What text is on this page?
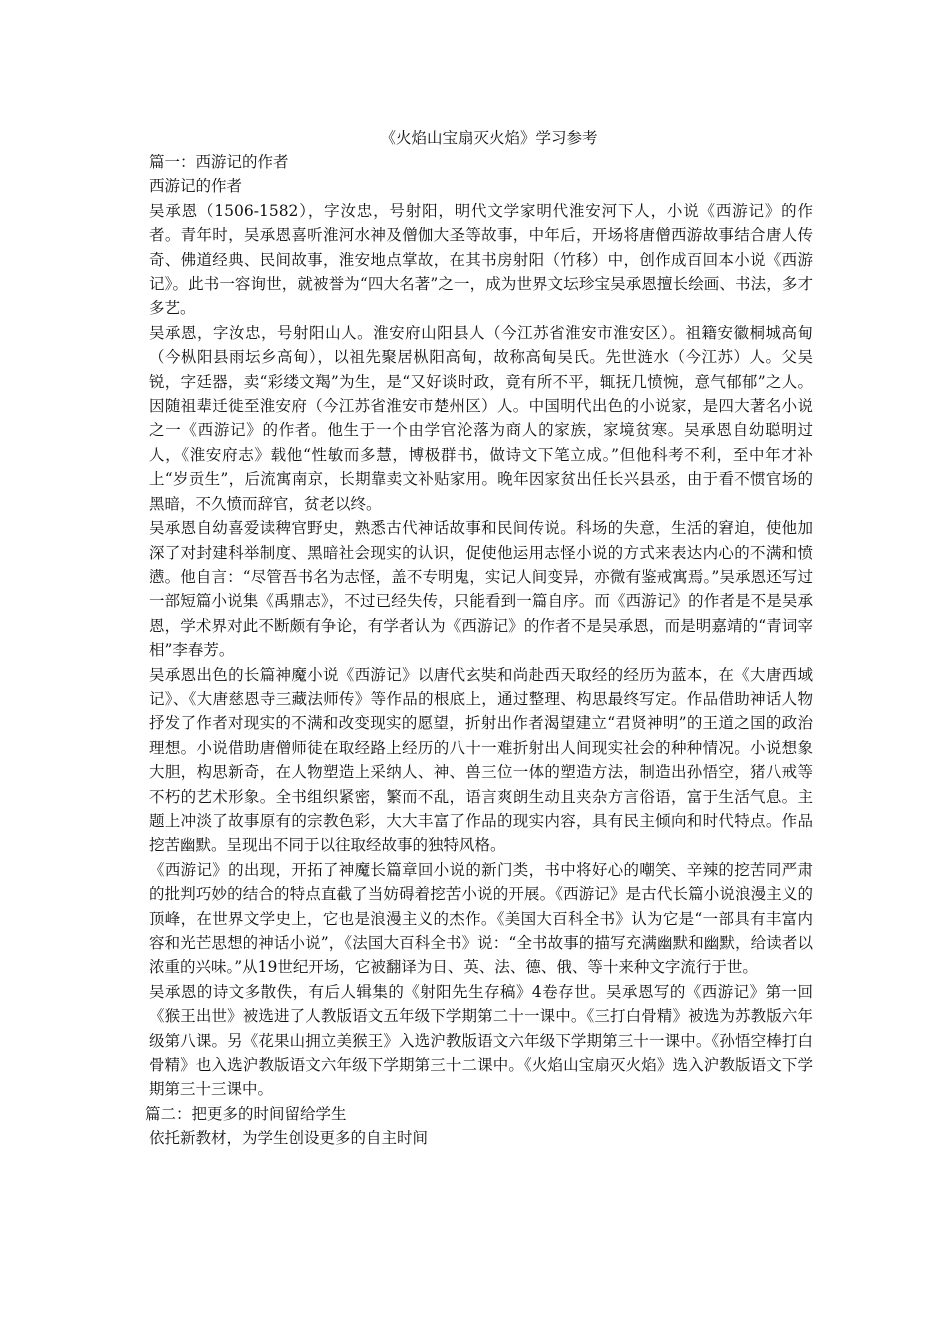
《火焰山宝扇灭火焰》学习参考
篇一：西游记的作者
西游记的作者
吴承恩（1506-1582），字汝忠，号射阳，明代文学家明代淮安河下人，小说《西游记》的作者。青年时，吴承恩喜听淮河水神及僧伽大圣等故事，中年后，开场将唐僧西游故事结合唐人传奇、佛道经典、民间故事，淮安地点掌故，在其书房射阳（竹移）中，创作成百回本小说《西游记》。此书一容询世，就被誉为“四大名著”之一，成为世界文坛珍宝吴承恩擅长绘画、书法，多才多艺。
吴承恩，字汝忠，号射阳山人。淮安府山阳县人（今江苏省淮安市淮安区）。祖籍安徽桐城高甸（今枞阳县雨坛乡高甸），以祖先聚居枞阳高甸，故称高甸吴氏。先世涟水（今江苏）人。父吴锐，字廷器，卖“彩缕文羯”为生，是“又好谈时政，竟有所不平，辄抚几愤惋，意气郁郁”之人。因随祖辈迁徙至淮安府（今江苏省淮安市楚州区）人。中国明代出色的小说家，是四大著名小说之一《西游记》的作者。他生于一个由学官沦落为商人的家族，家境贫寒。吴承恩自幼聪明过人，《淮安府志》载他“性敏而多慧，博极群书，做诗文下笔立成。”但他科考不利，至中年才补上“岁贡生”，后流寓南京，长期靠卖文补贴家用。晚年因家贫出任长兴县丞，由于看不惯官场的黑暗，不久愤而辞官，贫老以终。
吴承恩自幼喜爱读稗官野史，熟悉古代神话故事和民间传说。科场的失意，生活的窘迫，使他加深了对封建科举制度、黑暗社会现实的认识，促使他运用志怪小说的方式来表达内心的不满和愤懑。他自言：“尽管吾书名为志怪，盖不专明鬼，实记人间变异，亦微有鉴戒寓焉。”吴承恩还写过一部短篇小说集《禹鼎志》，不过已经失传，只能看到一篇自序。而《西游记》的作者是不是吴承恩，学术界对此不断颇有争论，有学者认为《西游记》的作者不是吴承恩，而是明嘉靖的“青词宰相”李春芳。
吴承恩出色的长篇神魔小说《西游记》以唐代玄奘和尚赴西天取经的经历为蓝本，在《大唐西域记》、《大唐慈恩寺三藏法师传》等作品的根底上，通过整理、构思最终写定。作品借助神话人物抒发了作者对现实的不满和改变现实的愿望，折射出作者渴望建立“君贤神明”的王道之国的政治理想。小说借助唐僧师徒在取经路上经历的八十一难折射出人间现实社会的种种情况。小说想象大胆，构思新奇，在人物塑造上采纳人、神、兽三位一体的塑造方法，制造出孙悟空，猪八戒等不朽的艺术形象。全书组织紧密，繁而不乱，语言爽朗生动且夹杂方言俗语，富于生活气息。主题上冲淡了故事原有的宗教色彩，大大丰富了作品的现实内容，具有民主倾向和时代特点。作品挖苦幽默。呈现出不同于以往取经故事的独特风格。
《西游记》的出现，开拓了神魔长篇章回小说的新门类，书中将好心的嘲笑、辛辣的挖苦同严肃的批判巧妙的结合的特点直截了当妨碍着挖苦小说的开展。《西游记》是古代长篇小说浪漫主义的顶峰，在世界文学史上，它也是浪漫主义的杰作。《美国大百科全书》认为它是“一部具有丰富内容和光芒思想的神话小说”，《法国大百科全书》说：“全书故事的描写充满幽默和幽默，给读者以浓重的兴味。”从19世纪开场，它被翻译为日、英、法、德、俄、等十来种文字流行于世。
吴承恩的诗文多散佚，有后人辑集的《射阳先生存稿》4卷存世。吴承恩写的《西游记》第一回《猴王出世》被选进了人教版语文五年级下学期第二十一课中。《三打白骨精》被选为苏教版六年级第八课。另《花果山拥立美猴王》入选沪教版语文六年级下学期第三十一课中。《孙悟空棒打白骨精》也入选沪教版语文六年级下学期第三十二课中。《火焰山宝扇灭火焰》选入沪教版语文下学期第三十三课中。
篇二：把更多的时间留给学生
依托新教材，为学生创设更多的自主时间
